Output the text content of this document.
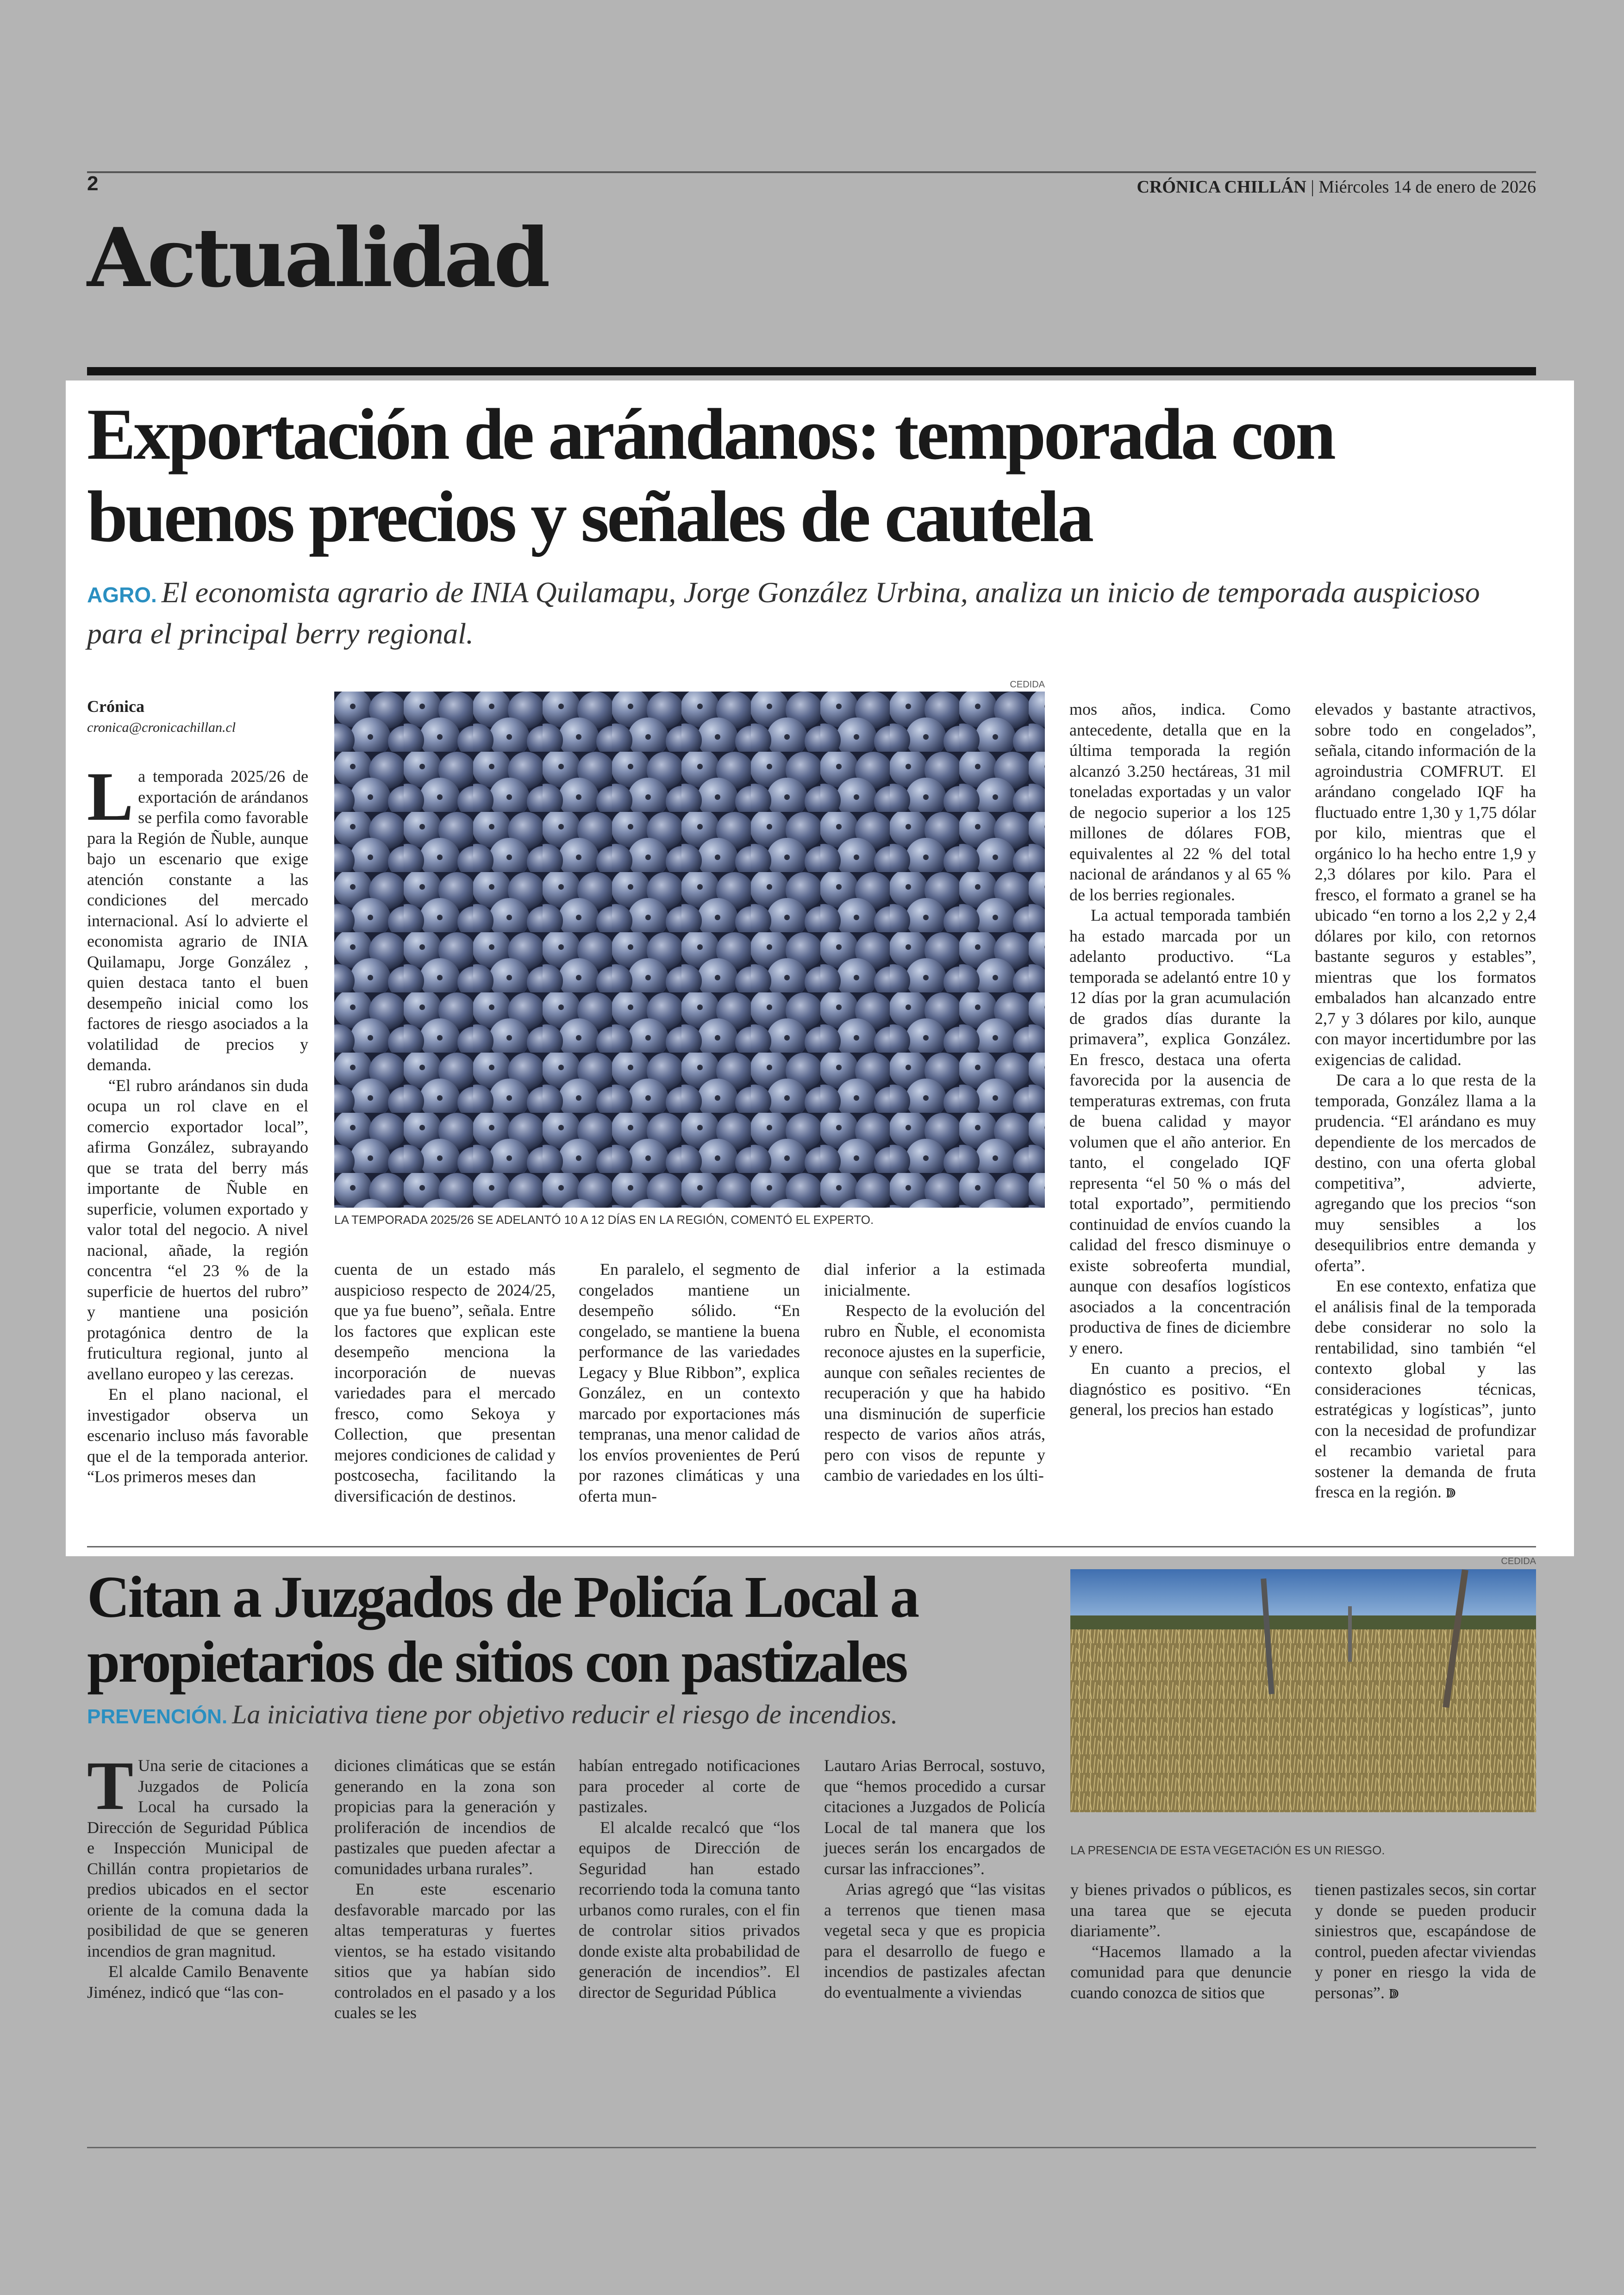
2	CRÓNICA CHILLÁN | Miércoles 14 de enero de 2026
Actualidad
Exportación de arándanos: temporada con buenos precios y señales de cautela
AGRO. El economista agrario de INIA Quilamapu, Jorge González Urbina, analiza un inicio de temporada auspicioso para el principal berry regional.
Crónica
cronica@cronicachillan.cl
CEDIDA
LA TEMPORADA 2025/26 SE ADELANTÓ 10 A 12 DÍAS EN LA REGIÓN, COMENTÓ EL EXPERTO.

La temporada 2025/26 de exportación de arándanos se perfila como favorable para la Región de Ñuble, aunque bajo un escenario que exige atención constante a las condiciones del mercado internacional. Así lo advierte el economista agrario de INIA Quilamapu, Jorge González , quien destaca tanto el buen desempeño inicial como los factores de riesgo asociados a la volatilidad de precios y demanda.

“El rubro arándanos sin duda ocupa un rol clave en el comercio exportador local”, afirma González, subrayando que se trata del berry más importante de Ñuble en superficie, volumen exportado y valor total del negocio. A nivel nacional, añade, la región concentra “el 23 % de la superficie de huertos del rubro” y mantiene una posición protagónica dentro de la fruticultura regional, junto al avellano europeo y las cerezas.

En el plano nacional, el investigador observa un escenario incluso más favorable que el de la temporada anterior. “Los primeros meses dan

cuenta de un estado más auspicioso respecto de 2024/25, que ya fue bueno”, señala. Entre los factores que explican este desempeño menciona la incorporación de nuevas variedades para el mercado fresco, como Sekoya y Collection, que presentan mejores condiciones de calidad y postcosecha, facilitando la diversificación de destinos.

En paralelo, el segmento de congelados mantiene un desempeño sólido. “En congelado, se mantiene la buena performance de las variedades Legacy y Blue Ribbon”, explica González, en un contexto marcado por exportaciones más tempranas, una menor calidad de los envíos provenientes de Perú por razones climáticas y una oferta mun-

dial inferior a la estimada inicialmente.

Respecto de la evolución del rubro en Ñuble, el economista reconoce ajustes en la superficie, aunque con señales recientes de recuperación y que ha habido una disminución de superficie respecto de varios años atrás, pero con visos de repunte y cambio de variedades en los últi-

mos años, indica. Como antecedente, detalla que en la última temporada la región alcanzó 3.250 hectáreas, 31 mil toneladas exportadas y un valor de negocio superior a los 125 millones de dólares FOB, equivalentes al 22 % del total nacional de arándanos y al 65 % de los berries regionales.

La actual temporada también ha estado marcada por un adelanto productivo. “La temporada se adelantó entre 10 y 12 días por la gran acumulación de grados días durante la primavera”, explica González. En fresco, destaca una oferta favorecida por la ausencia de temperaturas extremas, con fruta de buena calidad y mayor volumen que el año anterior. En tanto, el congelado IQF representa “el 50 % o más del total exportado”, permitiendo continuidad de envíos cuando la calidad del fresco disminuye o existe sobreoferta mundial, aunque con desafíos logísticos asociados a la concentración productiva de fines de diciembre y enero.

En cuanto a precios, el diagnóstico es positivo. “En general, los precios han estado

elevados y bastante atractivos, sobre todo en congelados”, señala, citando información de la agroindustria COMFRUT. El arándano congelado IQF ha fluctuado entre 1,30 y 1,75 dólar por kilo, mientras que el orgánico lo ha hecho entre 1,9 y 2,3 dólares por kilo. Para el fresco, el formato a granel se ha ubicado “en torno a los 2,2 y 2,4 dólares por kilo, con retornos bastante seguros y estables”, mientras que los formatos embalados han alcanzado entre 2,7 y 3 dólares por kilo, aunque con mayor incertidumbre por las exigencias de calidad.

De cara a lo que resta de la temporada, González llama a la prudencia. “El arándano es muy dependiente de los mercados de destino, con una oferta global competitiva”, advierte, agregando que los precios “son muy sensibles a los desequilibrios entre demanda y oferta”.

En ese contexto, enfatiza que el análisis final de la temporada debe considerar no solo la rentabilidad, sino también “el contexto global y las consideraciones técnicas, estratégicas y logísticas”, junto con la necesidad de profundizar el recambio varietal para sostener la demanda de fruta fresca en la región. ↇ

Citan a Juzgados de Policía Local a propietarios de sitios con pastizales
PREVENCIÓN. La iniciativa tiene por objetivo reducir el riesgo de incendios.
CEDIDA
LA PRESENCIA DE ESTA VEGETACIÓN ES UN RIESGO.

T Una serie de citaciones a Juzgados de Policía Local ha cursado la Dirección de Seguridad Pública e Inspección Municipal de Chillán contra propietarios de predios ubicados en el sector oriente de la comuna dada la posibilidad de que se generen incendios de gran magnitud.

El alcalde Camilo Benavente Jiménez, indicó que “las con-

diciones climáticas que se están generando en la zona son propicias para la generación y proliferación de incendios de pastizales que pueden afectar a comunidades urbana rurales”.

En este escenario desfavorable marcado por las altas temperaturas y fuertes vientos, se ha estado visitando sitios que ya habían sido controlados en el pasado y a los cuales se les

habían entregado notificaciones para proceder al corte de pastizales.

El alcalde recalcó que “los equipos de Dirección de Seguridad han estado recorriendo toda la comuna tanto urbanos como rurales, con el fin de controlar sitios privados donde existe alta probabilidad de generación de incendios”. El director de Seguridad Pública

Lautaro Arias Berrocal, sostuvo, que “hemos procedido a cursar citaciones a Juzgados de Policía Local de tal manera que los jueces serán los encargados de cursar las infracciones”.

Arias agregó que “las visitas a terrenos que tienen masa vegetal seca y que es propicia para el desarrollo de fuego e incendios de pastizales afectan do eventualmente a viviendas

y bienes privados o públicos, es una tarea que se ejecuta diariamente”.

“Hacemos llamado a la comunidad para que denuncie cuando conozca de sitios que

tienen pastizales secos, sin cortar y donde se pueden producir siniestros que, escapándose de control, pueden afectar viviendas y poner en riesgo la vida de personas”. ↇ
